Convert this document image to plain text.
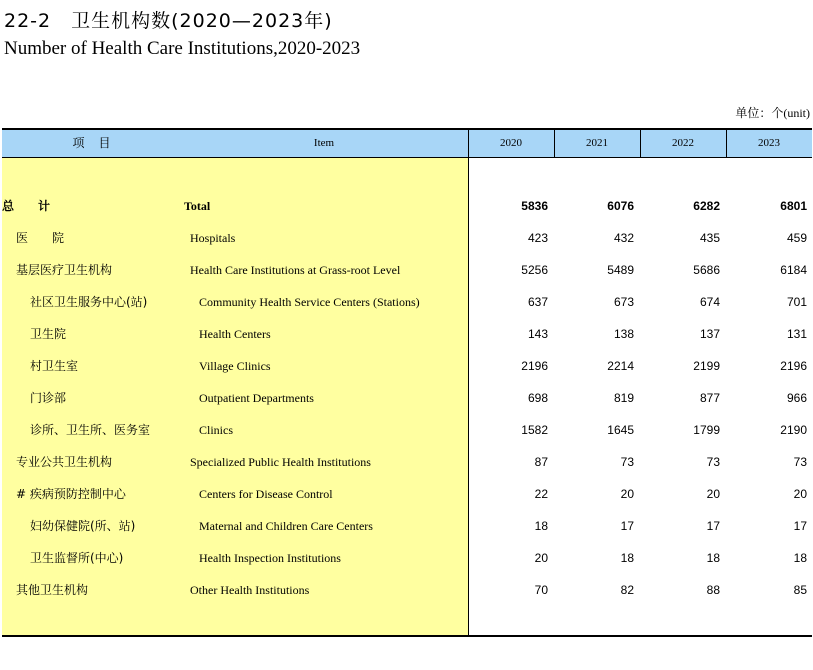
22-2　卫生机构数(2020—2023年)
Number of Health Care Institutions,2020-2023
单位：个(unit)
项　目	Item	2020	2021	2022	2023
总　　计	Total	5836	6076	6282	6801
医　　院	Hospitals	423	432	435	459
基层医疗卫生机构	Health Care Institutions at Grass-root Level	5256	5489	5686	6184
社区卫生服务中心(站)	Community Health Service Centers (Stations)	637	673	674	701
卫生院	Health Centers	143	138	137	131
村卫生室	Village Clinics	2196	2214	2199	2196
门诊部	Outpatient Departments	698	819	877	966
诊所、卫生所、医务室	Clinics	1582	1645	1799	2190
专业公共卫生机构	Specialized Public Health Institutions	87	73	73	73
# 疾病预防控制中心	Centers for Disease Control	22	20	20	20
妇幼保健院(所、站)	Maternal and Children Care Centers	18	17	17	17
卫生监督所(中心)	Health Inspection Institutions	20	18	18	18
其他卫生机构	Other Health Institutions	70	82	88	85
